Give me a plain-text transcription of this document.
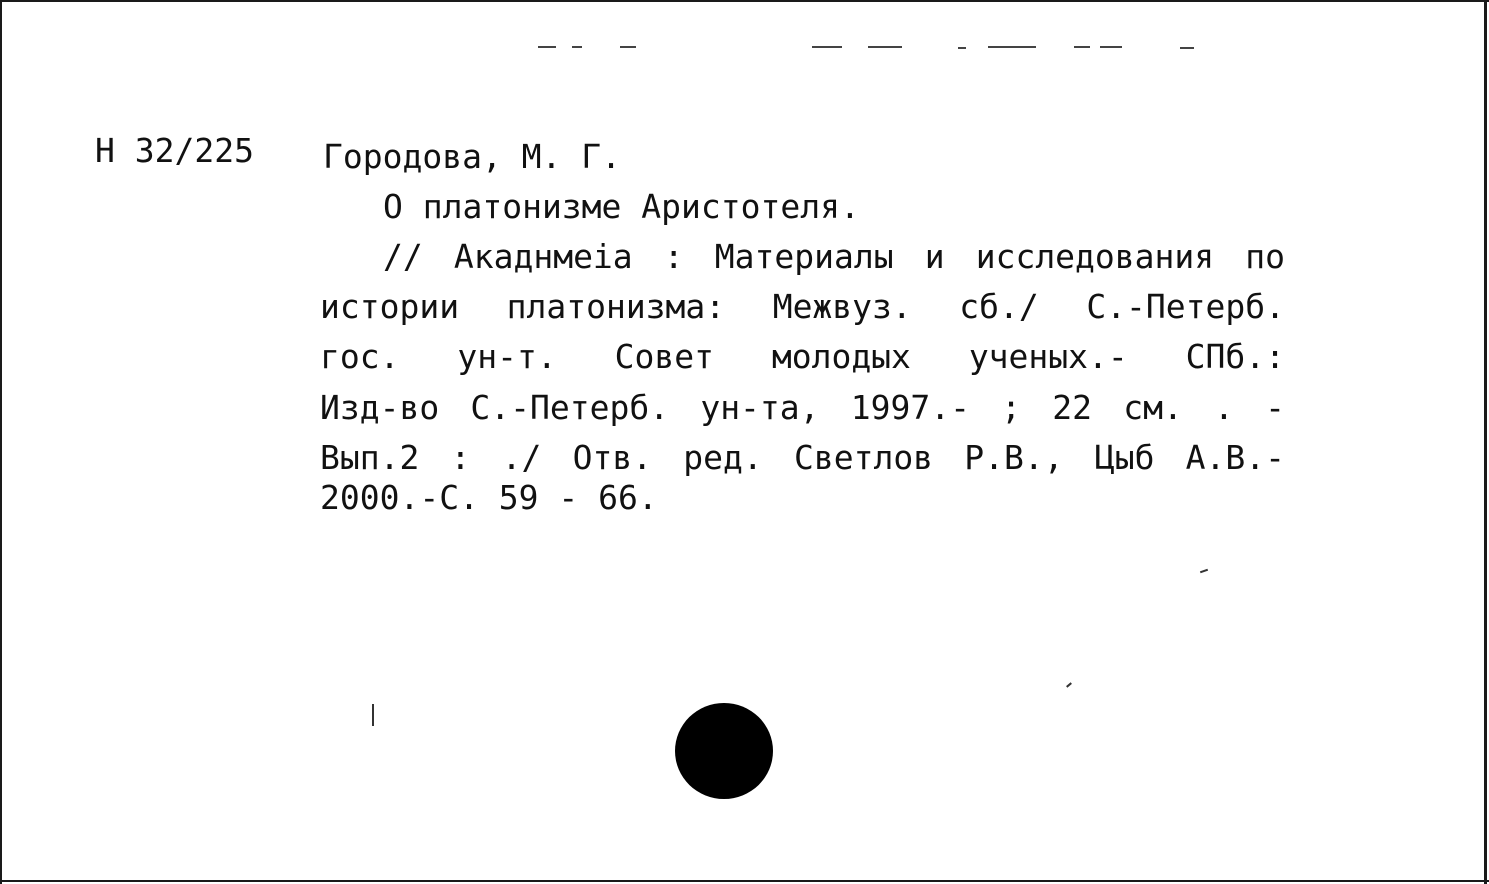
Н 32/225 Городова, М. Г.
О платонизме Аристотеля.
// Акаднмеia : Материалы и исследования по
истории платонизма: Межвуз. сб./ С.-Петерб.
гос. ун-т. Совет молодых ученых.- СПб.:
Изд-во С.-Петерб. ун-та, 1997.- ; 22 см. . -
Вып.2 : ./ Отв. ред. Светлов Р.В., Цыб А.В.-
2000.-С. 59 - 66.
